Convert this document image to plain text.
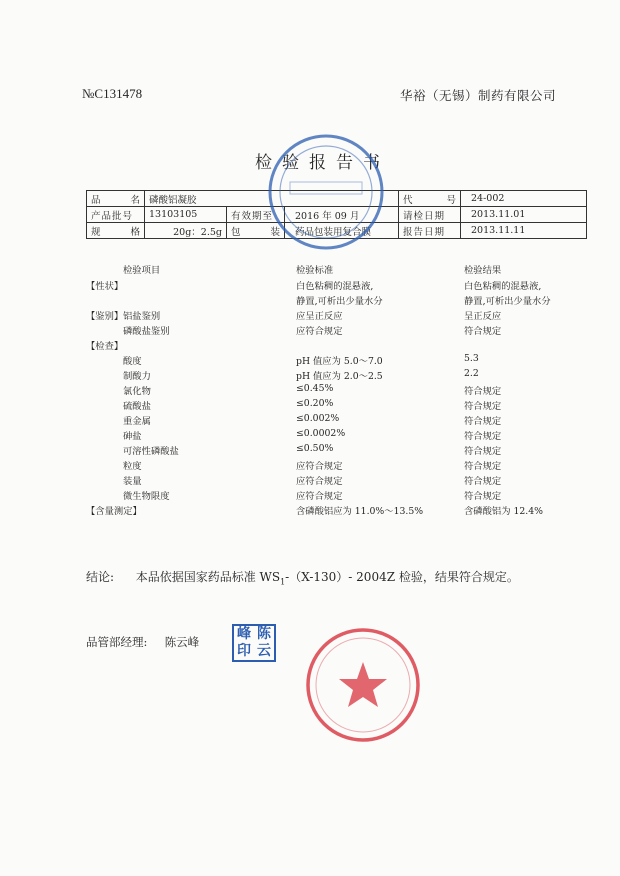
№C131478	华裕（无锡）制药有限公司
检验报告书
品 名	磷酸铝凝胶			代 号	24-002
产品批号	13103105	有效期至	2016 年 09 月	请检日期	2013.11.01

规 格	20g：2.5g	包 装	药品包装用复合膜	报告日期	2013.11.11
检验项目	检验标准	检验结果
【性状】	白色粘稠的混悬液,	白色粘稠的混悬液,
静置,可析出少量水分	静置,可析出少量水分
【鉴别】 铝盐鉴别	应呈正反应	呈正反应
磷酸盐鉴别	应符合规定	符合规定
【检查】
酸度	pH 值应为 5.0～7.0	5.3
制酸力	pH 值应为 2.0～2.5	2.2
氯化物	≤0.45%	符合规定
硫酸盐	≤0.20%	符合规定
重金属	≤0.002%	符合规定
砷盐	≤0.0002%	符合规定
可溶性磷酸盐	≤0.50%	符合规定
粒度	应符合规定	符合规定
装量	应符合规定	符合规定
微生物限度	应符合规定	符合规定
【含量测定】	含磷酸铝应为 11.0%～13.5%	含磷酸铝为 12.4%
结论: 本品依据国家药品标准 $WS_1-(X-130)-$ 2004Z 检验，结果符合规定。
品管部经理: 陈云峰	峰 陈
印 云
